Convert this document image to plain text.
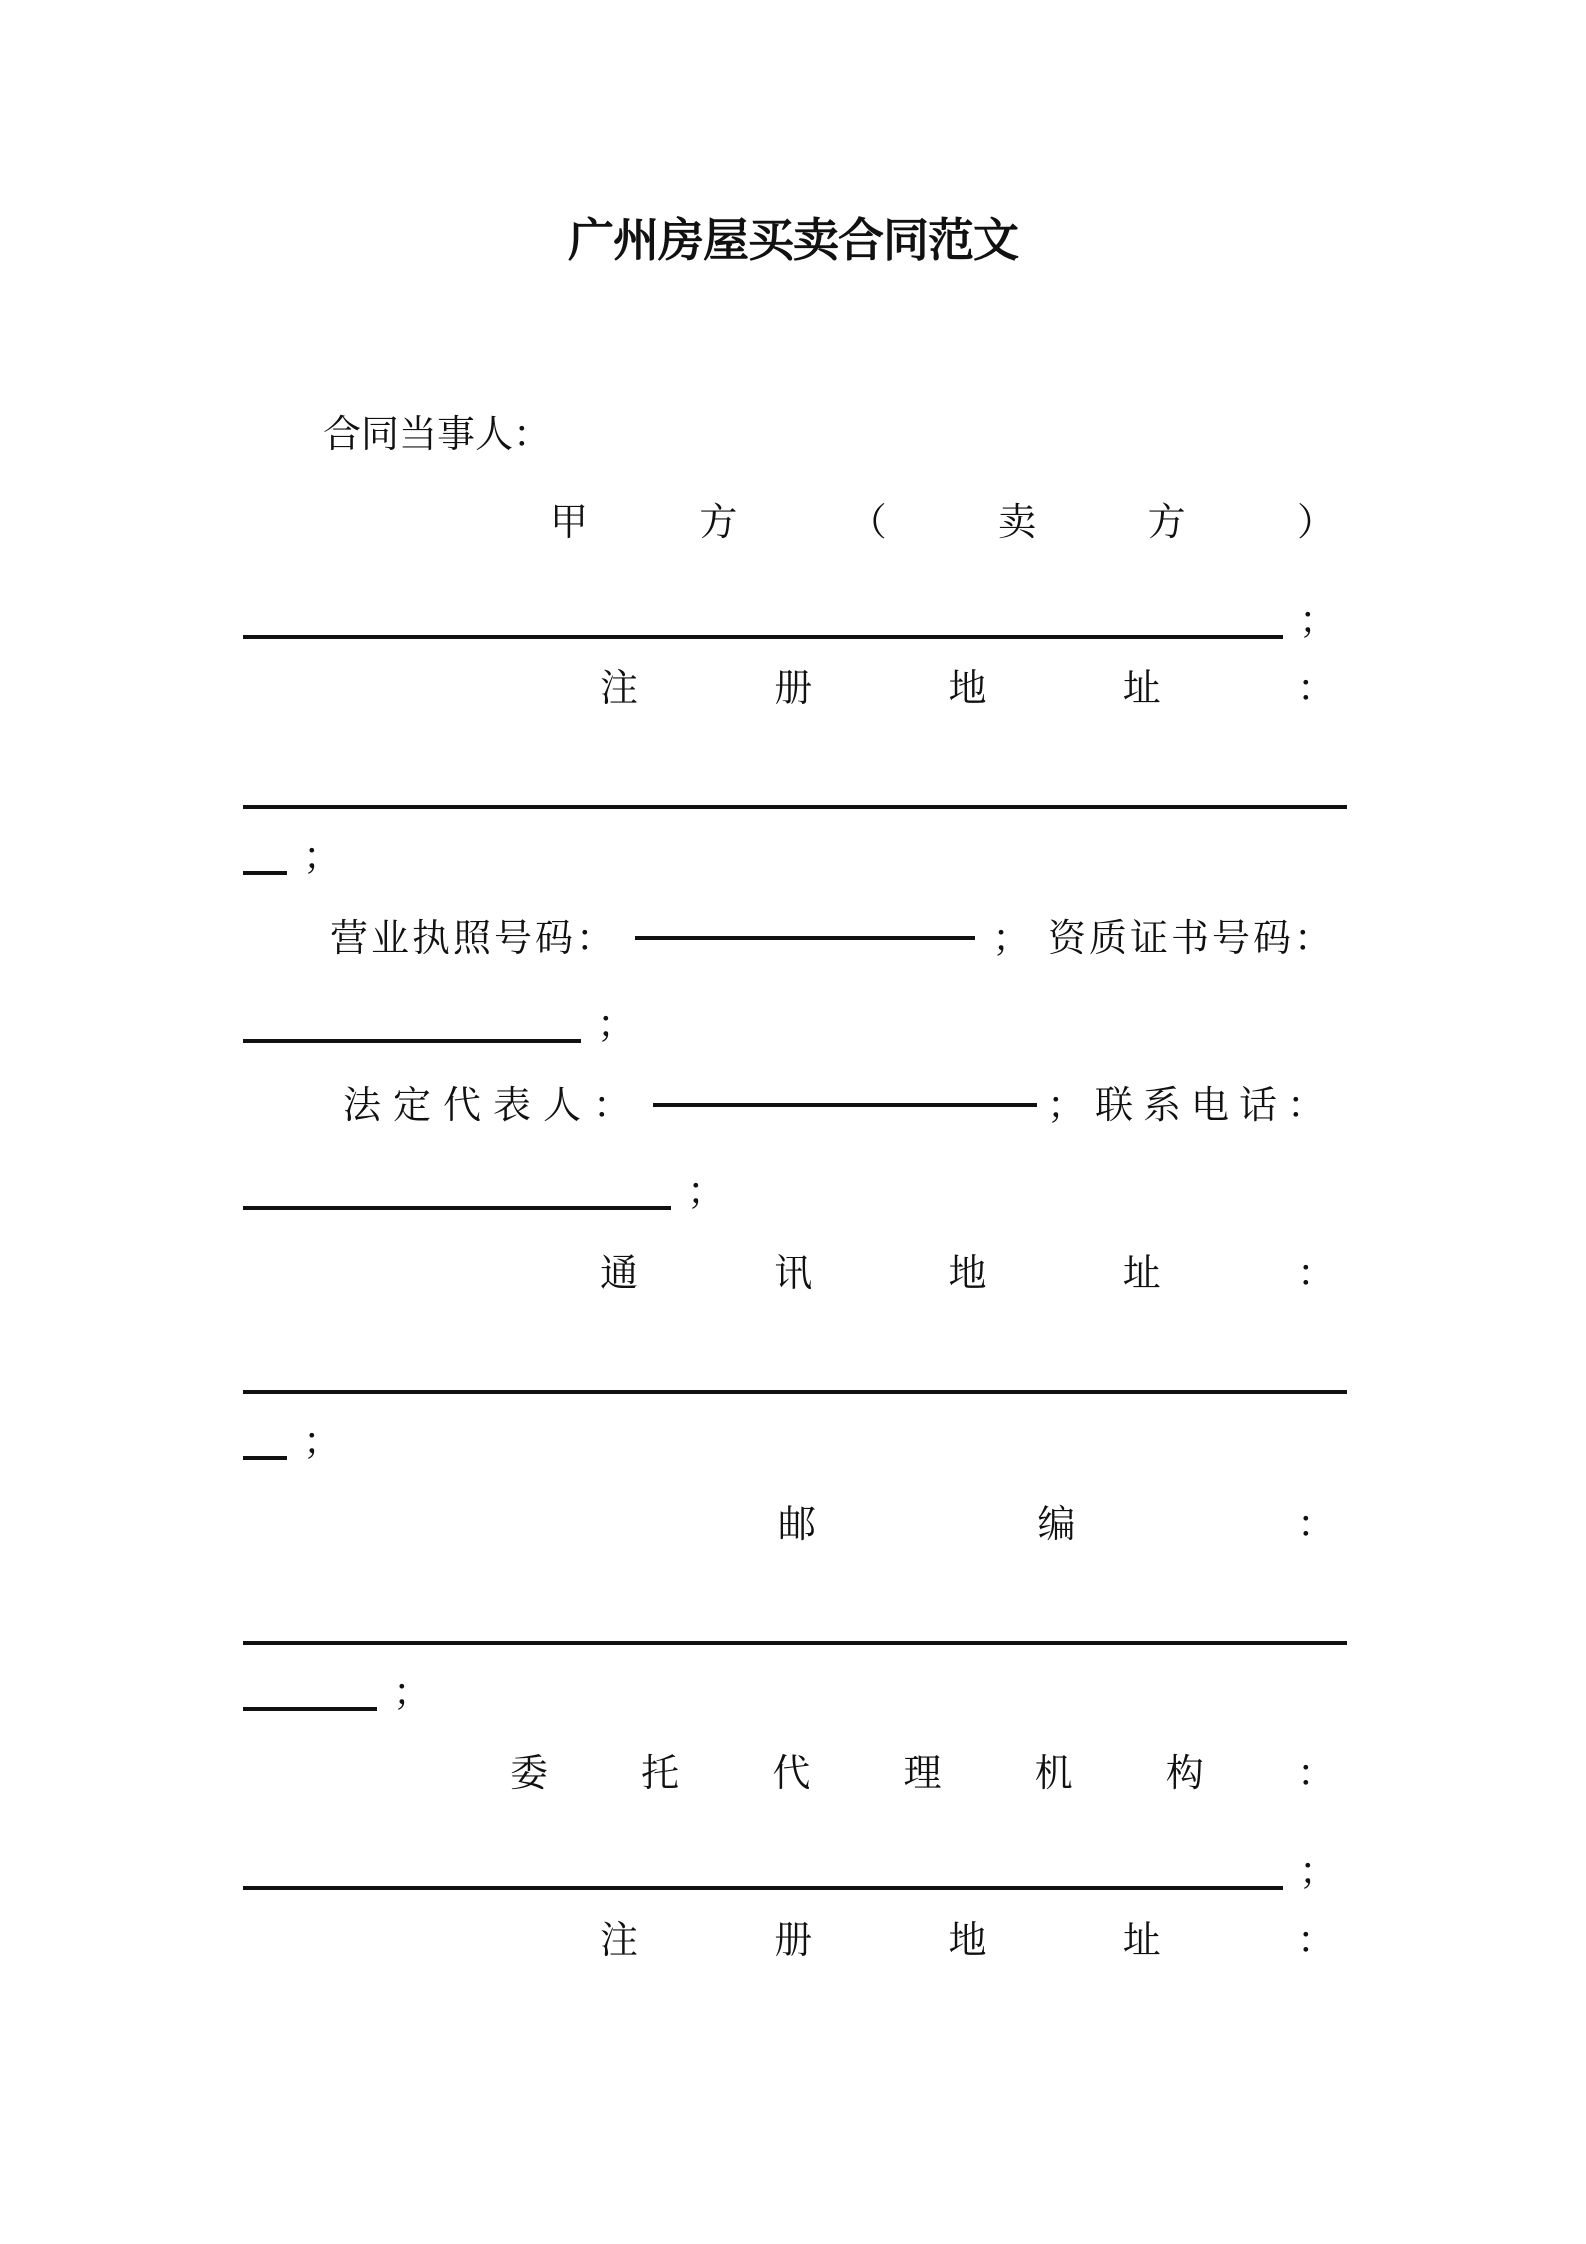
广州房屋买卖合同范文
合同当事人：
甲	方	（	卖	方	）
；
注	册	地	址	：
；
营业执照号码：	； 资质证书号码：
；
法定代表人：	； 联系电话：
；
通	讯	地	址	：
；
邮	编	：
；
委 托 代 理 机 构 ：
；
注	册	地	址	：
